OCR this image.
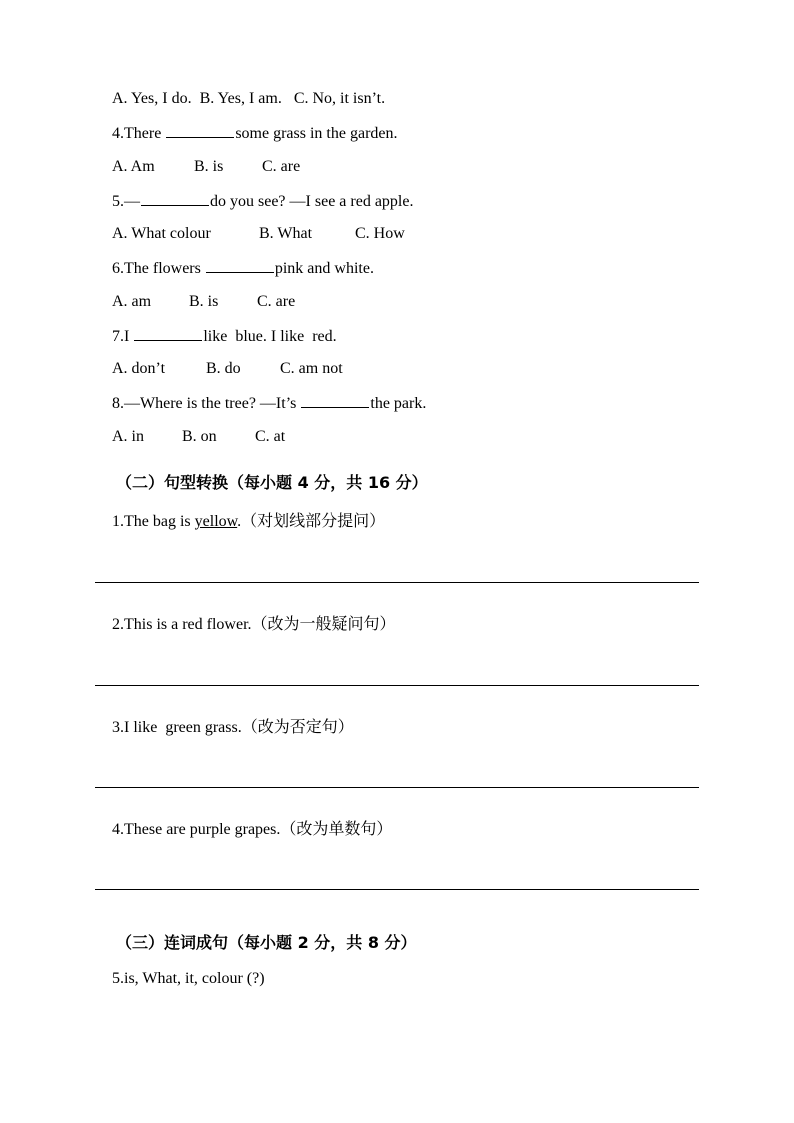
A. Yes, I do. B. Yes, I am. C. No, it isn’t.

4.There	some grass in the garden.

A. Am B. is C. are

5.—	do you see? —I see a red apple.

A. What colour	B. What	C. How

6.The flowers	pink and white.

A. am B. is C. are

7.I	like  blue. I like  red.

A. don’t	B. do C. am not

8.—Where is the tree? —It’s	the park.

A. in B. on C. at

（二）句型转换（每小题 4 分，共 16 分）

1.The bag is yellow.（对划线部分提问）

2.This is a red flower.（改为一般疑问句）

3.I like  green grass.（改为否定句）

4.These are purple grapes.（改为单数句）

（三）连词成句（每小题 2 分，共 8 分）

5.is, What, it, colour (?)
